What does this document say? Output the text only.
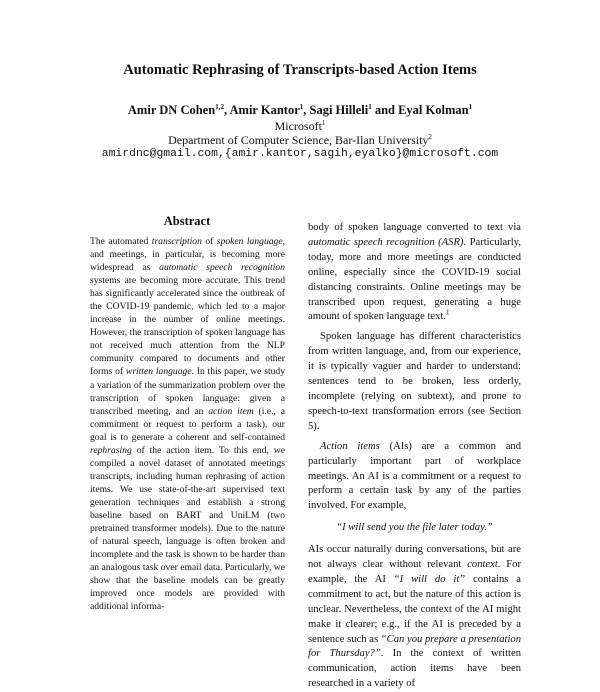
Automatic Rephrasing of Transcripts-based Action Items
Amir DN Cohen$^{1,2}$, Amir Kantor$^1$, Sagi Hilleli$^1$ and Eyal Kolman$^1$
Microsoft$^1$
Department of Computer Science, Bar-Ilan University$^2$
amirdnc@gmail.com,{amir.kantor,sagih,eyalko}@microsoft.com
Abstract
The automated transcription of spoken language, and meetings, in particular, is becoming more widespread as automatic speech recognition systems are becoming more accurate. This trend has significantly accelerated since the outbreak of the COVID-19 pandemic, which led to a major increase in the number of online meetings. However, the transcription of spoken language has not received much attention from the NLP community compared to documents and other forms of written language. In this paper, we study a variation of the summarization problem over the transcription of spoken language: given a transcribed meeting, and an action item (i.e., a commitment or request to perform a task), our goal is to generate a coherent and self-contained rephrasing of the action item. To this end, we compiled a novel dataset of annotated meetings transcripts, including human rephrasing of action items. We use state-of-the-art supervised text generation techniques and establish a strong baseline based on BART and UniLM (two pretrained transformer models). Due to the nature of natural speech, language is often broken and incomplete and the task is shown to be harder than an analogous task over email data. Particularly, we show that the baseline models can be greatly improved once models are provided with additional informa-

body of spoken language converted to text via automatic speech recognition (ASR). Particularly, today, more and more meetings are conducted online, especially since the COVID-19 social distancing constraints. Online meetings may be transcribed upon request, generating a huge amount of spoken language text.$^1$

Spoken language has different characteristics from written language, and, from our experience, it is typically vaguer and harder to understand: sentences tend to be broken, less orderly, incomplete (relying on subtext), and prone to speech-to-text transformation errors (see Section 5).

Action items (AIs) are a common and particularly important part of workplace meetings. An AI is a commitment or a request to perform a certain task by any of the parties involved. For example,

“I will send you the file later today.”

AIs occur naturally during conversations, but are not always clear without relevant context. For example, the AI “I will do it” contains a commitment to act, but the nature of this action is unclear. Nevertheless, the context of the AI might make it clearer; e.g., if the AI is preceded by a sentence such as “Can you prepare a presentation for Thursday?”. In the context of written communication, action items have been researched in a variety of
